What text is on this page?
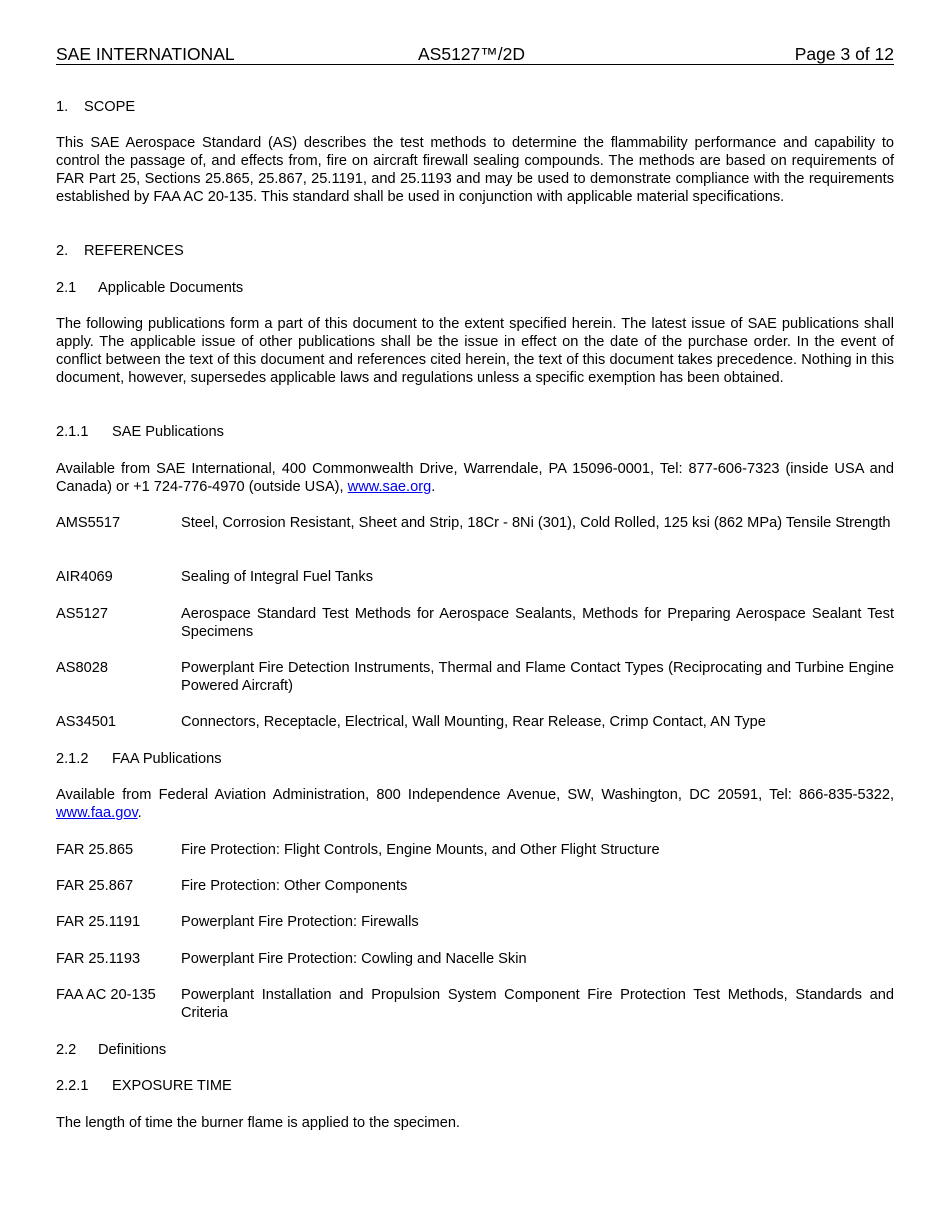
SAE INTERNATIONAL	AS5127™/2D	Page 3 of 12
1. SCOPE
This SAE Aerospace Standard (AS) describes the test methods to determine the flammability performance and capability to control the passage of, and effects from, fire on aircraft firewall sealing compounds. The methods are based on requirements of FAR Part 25, Sections 25.865, 25.867, 25.1191, and 25.1193 and may be used to demonstrate compliance with the requirements established by FAA AC 20-135. This standard shall be used in conjunction with applicable material specifications.
2. REFERENCES
2.1 Applicable Documents
The following publications form a part of this document to the extent specified herein. The latest issue of SAE publications shall apply. The applicable issue of other publications shall be the issue in effect on the date of the purchase order. In the event of conflict between the text of this document and references cited herein, the text of this document takes precedence. Nothing in this document, however, supersedes applicable laws and regulations unless a specific exemption has been obtained.
2.1.1 SAE Publications
Available from SAE International, 400 Commonwealth Drive, Warrendale, PA 15096-0001, Tel: 877-606-7323 (inside USA and Canada) or +1 724-776-4970 (outside USA), www.sae.org.
AMS5517	Steel, Corrosion Resistant, Sheet and Strip, 18Cr - 8Ni (301), Cold Rolled, 125 ksi (862 MPa) Tensile Strength
AIR4069	Sealing of Integral Fuel Tanks
AS5127	Aerospace Standard Test Methods for Aerospace Sealants, Methods for Preparing Aerospace Sealant Test Specimens
AS8028	Powerplant Fire Detection Instruments, Thermal and Flame Contact Types (Reciprocating and Turbine Engine Powered Aircraft)
AS34501	Connectors, Receptacle, Electrical, Wall Mounting, Rear Release, Crimp Contact, AN Type
2.1.2 FAA Publications
Available from Federal Aviation Administration, 800 Independence Avenue, SW, Washington, DC 20591, Tel: 866-835-5322, www.faa.gov.
FAR 25.865	Fire Protection: Flight Controls, Engine Mounts, and Other Flight Structure
FAR 25.867	Fire Protection: Other Components
FAR 25.1191	Powerplant Fire Protection: Firewalls
FAR 25.1193	Powerplant Fire Protection: Cowling and Nacelle Skin
FAA AC 20-135 Powerplant Installation and Propulsion System Component Fire Protection Test Methods, Standards and Criteria
2.2 Definitions
2.2.1 EXPOSURE TIME
The length of time the burner flame is applied to the specimen.
